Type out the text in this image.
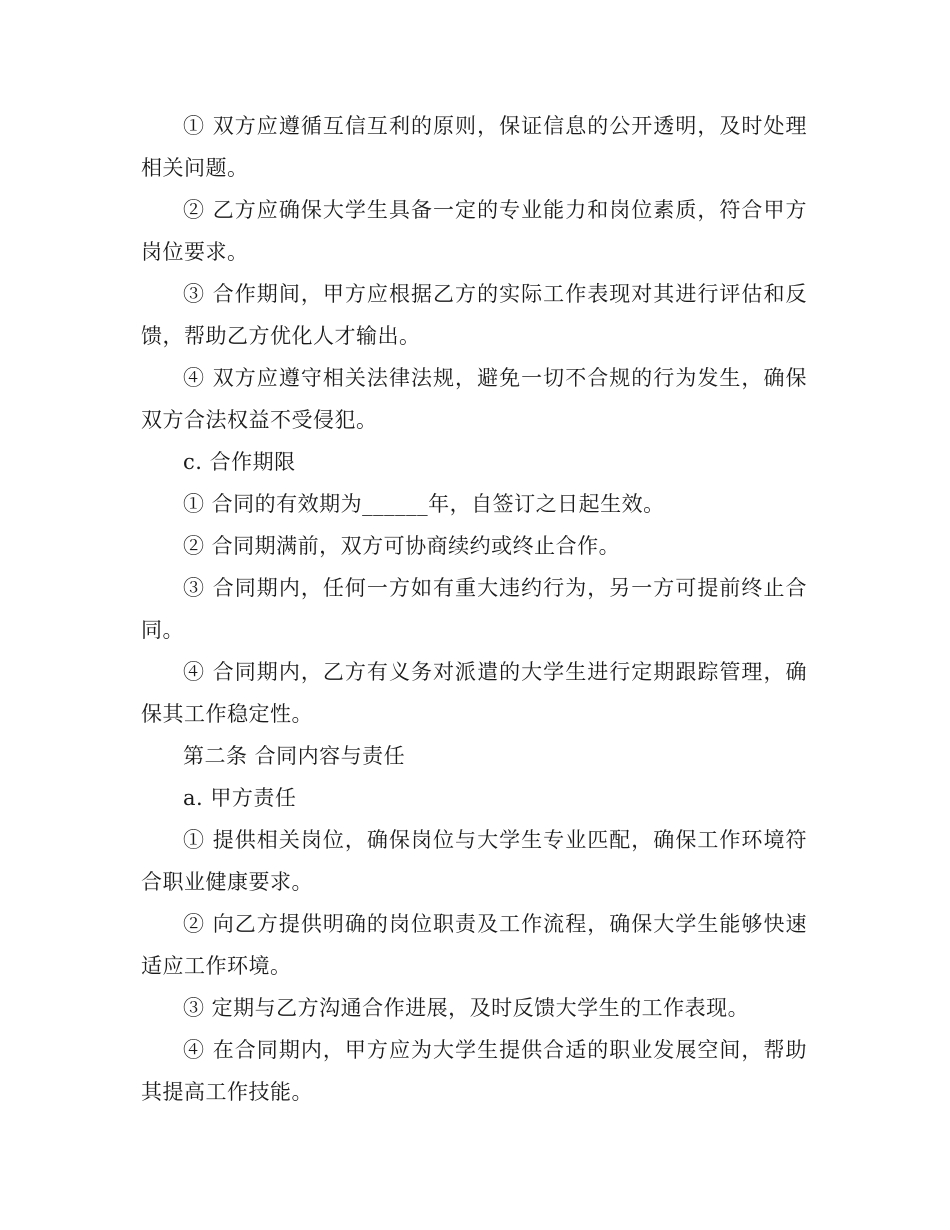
① 双方应遵循互信互利的原则，保证信息的公开透明，及时处理相关问题。

② 乙方应确保大学生具备一定的专业能力和岗位素质，符合甲方岗位要求。

③ 合作期间，甲方应根据乙方的实际工作表现对其进行评估和反馈，帮助乙方优化人才输出。

④ 双方应遵守相关法律法规，避免一切不合规的行为发生，确保双方合法权益不受侵犯。

c. 合作期限

① 合同的有效期为______年，自签订之日起生效。

② 合同期满前，双方可协商续约或终止合作。

③ 合同期内，任何一方如有重大违约行为，另一方可提前终止合同。

④ 合同期内，乙方有义务对派遣的大学生进行定期跟踪管理，确保其工作稳定性。

第二条 合同内容与责任

a. 甲方责任

① 提供相关岗位，确保岗位与大学生专业匹配，确保工作环境符合职业健康要求。

② 向乙方提供明确的岗位职责及工作流程，确保大学生能够快速适应工作环境。

③ 定期与乙方沟通合作进展，及时反馈大学生的工作表现。

④ 在合同期内，甲方应为大学生提供合适的职业发展空间，帮助其提高工作技能。
